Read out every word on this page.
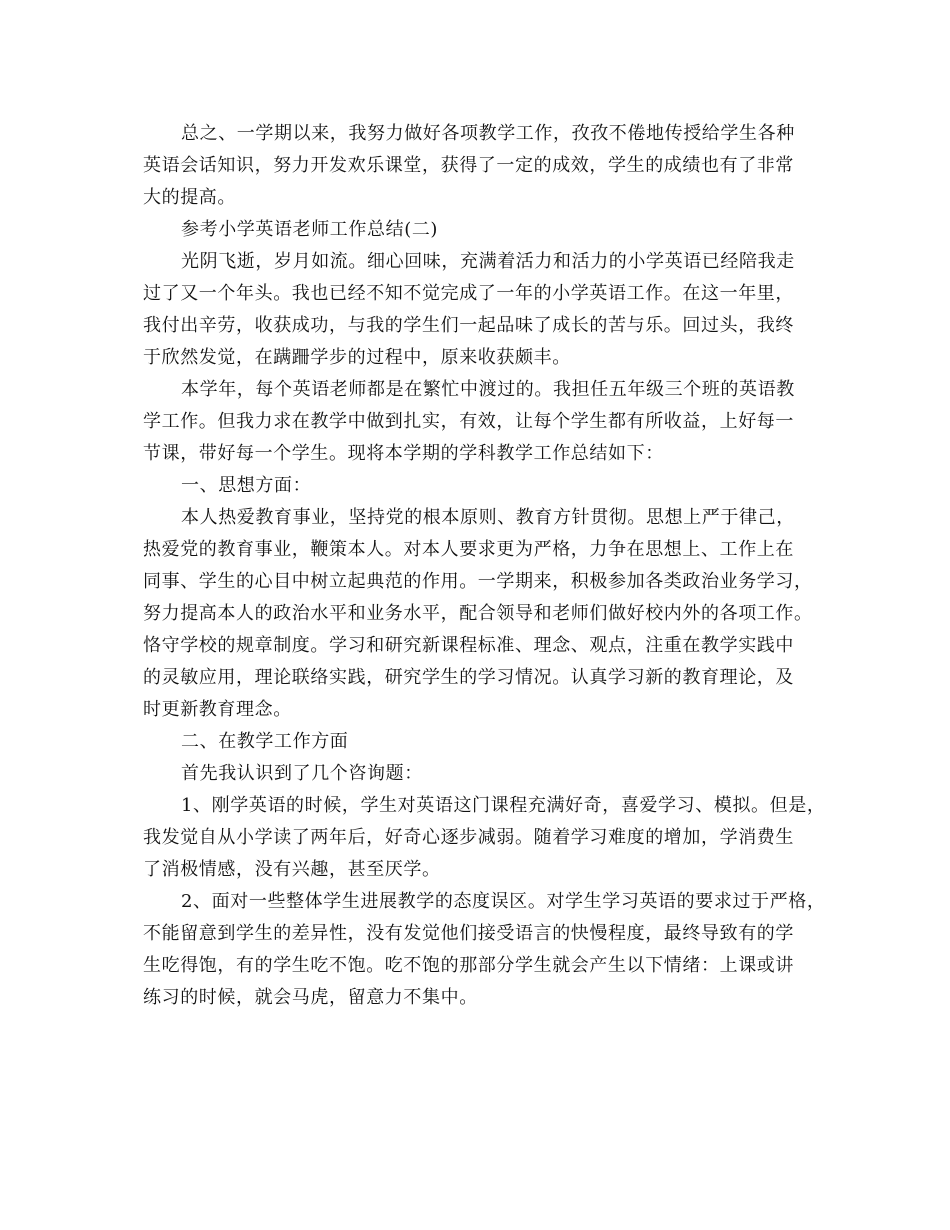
总之、一学期以来，我努力做好各项教学工作，孜孜不倦地传授给学生各种
英语会话知识，努力开发欢乐课堂，获得了一定的成效，学生的成绩也有了非常
大的提高。
参考小学英语老师工作总结(二)
光阴飞逝，岁月如流。细心回味，充满着活力和活力的小学英语已经陪我走
过了又一个年头。我也已经不知不觉完成了一年的小学英语工作。在这一年里，
我付出辛劳，收获成功，与我的学生们一起品味了成长的苦与乐。回过头，我终
于欣然发觉，在蹒跚学步的过程中，原来收获颇丰。
本学年，每个英语老师都是在繁忙中渡过的。我担任五年级三个班的英语教
学工作。但我力求在教学中做到扎实，有效，让每个学生都有所收益，上好每一
节课，带好每一个学生。现将本学期的学科教学工作总结如下：
一、思想方面：
本人热爱教育事业，坚持党的根本原则、教育方针贯彻。思想上严于律己，
热爱党的教育事业，鞭策本人。对本人要求更为严格，力争在思想上、工作上在
同事、学生的心目中树立起典范的作用。一学期来，积极参加各类政治业务学习，
努力提高本人的政治水平和业务水平，配合领导和老师们做好校内外的各项工作。
恪守学校的规章制度。学习和研究新课程标准、理念、观点，注重在教学实践中
的灵敏应用，理论联络实践，研究学生的学习情况。认真学习新的教育理论，及
时更新教育理念。
二、在教学工作方面
首先我认识到了几个咨询题：
1、刚学英语的时候，学生对英语这门课程充满好奇，喜爱学习、模拟。但是，
我发觉自从小学读了两年后，好奇心逐步减弱。随着学习难度的增加，学消费生
了消极情感，没有兴趣，甚至厌学。
2、面对一些整体学生进展教学的态度误区。对学生学习英语的要求过于严格，
不能留意到学生的差异性，没有发觉他们接受语言的快慢程度，最终导致有的学
生吃得饱，有的学生吃不饱。吃不饱的那部分学生就会产生以下情绪：上课或讲
练习的时候，就会马虎，留意力不集中。
